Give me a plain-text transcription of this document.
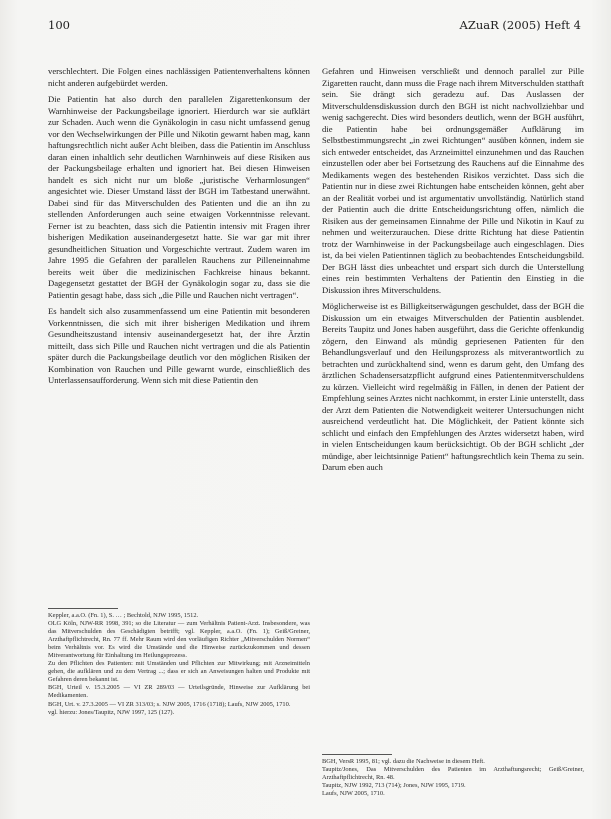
100	AZuaR (2005) Heft 4

verschlechtert. Die Folgen eines nachlässigen Patientenverhaltens können nicht anderen aufgebürdet werden.

Die Patientin hat also durch den parallelen Zigarettenkonsum der Warnhinweise der Packungsbeilage ignoriert. Hierdurch war sie aufklärt zur Schaden. Auch wenn die Gynäkologin in casu nicht umfassend genug vor den Wechselwirkungen der Pille und Nikotin gewarnt haben mag, kann haftungsrechtlich nicht außer Acht bleiben, dass die Patientin im Anschluss daran einen inhaltlich sehr deutlichen Warnhinweis auf diese Risiken aus der Packungsbeilage erhalten und ignoriert hat. Bei diesen Hinweisen handelt es sich nicht nur um bloße „juristische Verharmlosungen“ angesichtet wie. Dieser Umstand lässt der BGH im Tatbestand unerwähnt. Dabei sind für das Mitverschulden des Patienten und die an ihn zu stellenden Anforderungen auch seine etwaigen Vorkenntnisse relevant. Ferner ist zu beachten, dass sich die Patientin intensiv mit Fragen ihrer bisherigen Medikation auseinandergesetzt hatte. Sie war gar mit ihrer gesundheitlichen Situation und Vorgeschichte vertraut. Zudem waren im Jahre 1995 die Gefahren der parallelen Rauchens zur Pilleneinnahme bereits weit über die medizinischen Fachkreise hinaus bekannt. Dagegensetzt gestattet der BGH der Gynäkologin sogar zu, dass sie die Patientin gesagt habe, dass sich „die Pille und Rauchen nicht vertragen“.

Es handelt sich also zusammenfassend um eine Patientin mit besonderen Vorkenntnissen, die sich mit ihrer bisherigen Medikation und ihrem Gesundheitszustand intensiv auseinandergesetzt hat, der ihre Ärztin mitteilt, dass sich Pille und Rauchen nicht vertragen und die als Patientin später durch die Packungsbeilage deutlich vor den möglichen Risiken der Kombination von Rauchen und Pille gewarnt wurde, einschließlich des Unterlassensaufforderung. Wenn sich mit diese Patientin den

Gefahren und Hinweisen verschließt und dennoch parallel zur Pille Zigaretten raucht, dann muss die Frage nach ihrem Mitverschulden statthaft sein. Sie drängt sich geradezu auf. Das Auslassen der Mitverschuldensdiskussion durch den BGH ist nicht nachvollziehbar und wenig sachgerecht. Dies wird besonders deutlich, wenn der BGH ausführt, die Patientin habe bei ordnungsgemäßer Aufklärung im Selbstbestimmungsrecht „in zwei Richtungen“ ausüben können, indem sie sich entweder entscheidet, das Arzneimittel einzunehmen und das Rauchen einzustellen oder aber bei Fortsetzung des Rauchens auf die Einnahme des Medikaments wegen des bestehenden Risikos verzichtet. Dass sich die Patientin nur in diese zwei Richtungen habe entscheiden können, geht aber an der Realität vorbei und ist argumentativ unvollständig. Natürlich stand der Patientin auch die dritte Entscheidungsrichtung offen, nämlich die Risiken aus der gemeinsamen Einnahme der Pille und Nikotin in Kauf zu nehmen und weiterzurauchen. Diese dritte Richtung hat diese Patientin trotz der Warnhinweise in der Packungsbeilage auch eingeschlagen. Dies ist, da bei vielen Patientinnen täglich zu beobachtendes Entscheidungsbild. Der BGH lässt dies unbeachtet und erspart sich durch die Unterstellung eines rein bestimmten Verhaltens der Patientin den Einstieg in die Diskussion ihres Mitverschuldens.

Möglicherweise ist es Billigkeitserwägungen geschuldet, dass der BGH die Diskussion um ein etwaiges Mitverschulden der Patientin ausblendet. Bereits Taupitz und Jones haben ausgeführt, dass die Gerichte offenkundig zögern, den Einwand als mündig gepriesenen Patienten für den Behandlungsverlauf und den Heilungsprozess als mitverantwortlich zu betrachten und zurückhaltend sind, wenn es darum geht, den Umfang des ärztlichen Schadensersatzpflicht aufgrund eines Patientenmitverschuldens zu kürzen. Vielleicht wird regelmäßig in Fällen, in denen der Patient der Empfehlung seines Arztes nicht nachkommt, in erster Linie unterstellt, dass der Arzt dem Patienten die Notwendigkeit weiterer Untersuchungen nicht ausreichend verdeutlicht hat. Die Möglichkeit, der Patient könnte sich schlicht und einfach den Empfehlungen des Arztes widersetzt haben, wird in vielen Entscheidungen kaum berücksichtigt. Ob der BGH schlicht „der mündige, aber leichtsinnige Patient“ haftungsrechtlich kein Thema zu sein. Darum eben auch

Keppler, a.a.O. (Fn. 1), S. … ; Bechtold, NJW 1995, 1512.

OLG Köln, NJW-RR 1998, 391; so die Literatur — zum Verhältnis Patient-Arzt. Insbesondere, was das Mitverschulden des Geschädigten betrifft; vgl. Keppler, a.a.O. (Fn. 1); Geiß/Greiner, Arzthaftpflichtrecht, Rn. 77 ff. Mehr Raum wird den vorläufigen Richter „Mitverschulden Normen“ beim Verhältnis vor. Es wird die Umstände und die Hinweise zurückzukommen und dessen Mitverantwortung für Einhaltung im Heilungsprozess.

Zu den Pflichten des Patienten: mit Umständen und Pflichten zur Mitwirkung; mit Arzneimitteln gehen, die aufklären und zu dem Vertrag ...; dass er sich an Anweisungen halten und Produkte mit Gefahren deren bekannt ist.

BGH, Urteil v. 15.3.2005 — VI ZR 289/03 — Urteilsgründe, Hinweise zur Aufklärung bei Medikamenten.

BGH, Urt. v. 27.3.2005 — VI ZR 313/03; s. NJW 2005, 1716 (1718); Laufs, NJW 2005, 1710.

vgl. hierzu: Jones/Taupitz, NJW 1997, 125 (127).

BGH, VersR 1995, 81; vgl. dazu die Nachweise in diesem Heft.

Taupitz/Jones, Das Mitverschulden des Patienten im Arzthaftungsrecht; Geiß/Greiner, Arzthaftpflichtrecht, Rn. 48.

Taupitz, NJW 1992, 713 (714); Jones, NJW 1995, 1719.

Laufs, NJW 2005, 1710.
